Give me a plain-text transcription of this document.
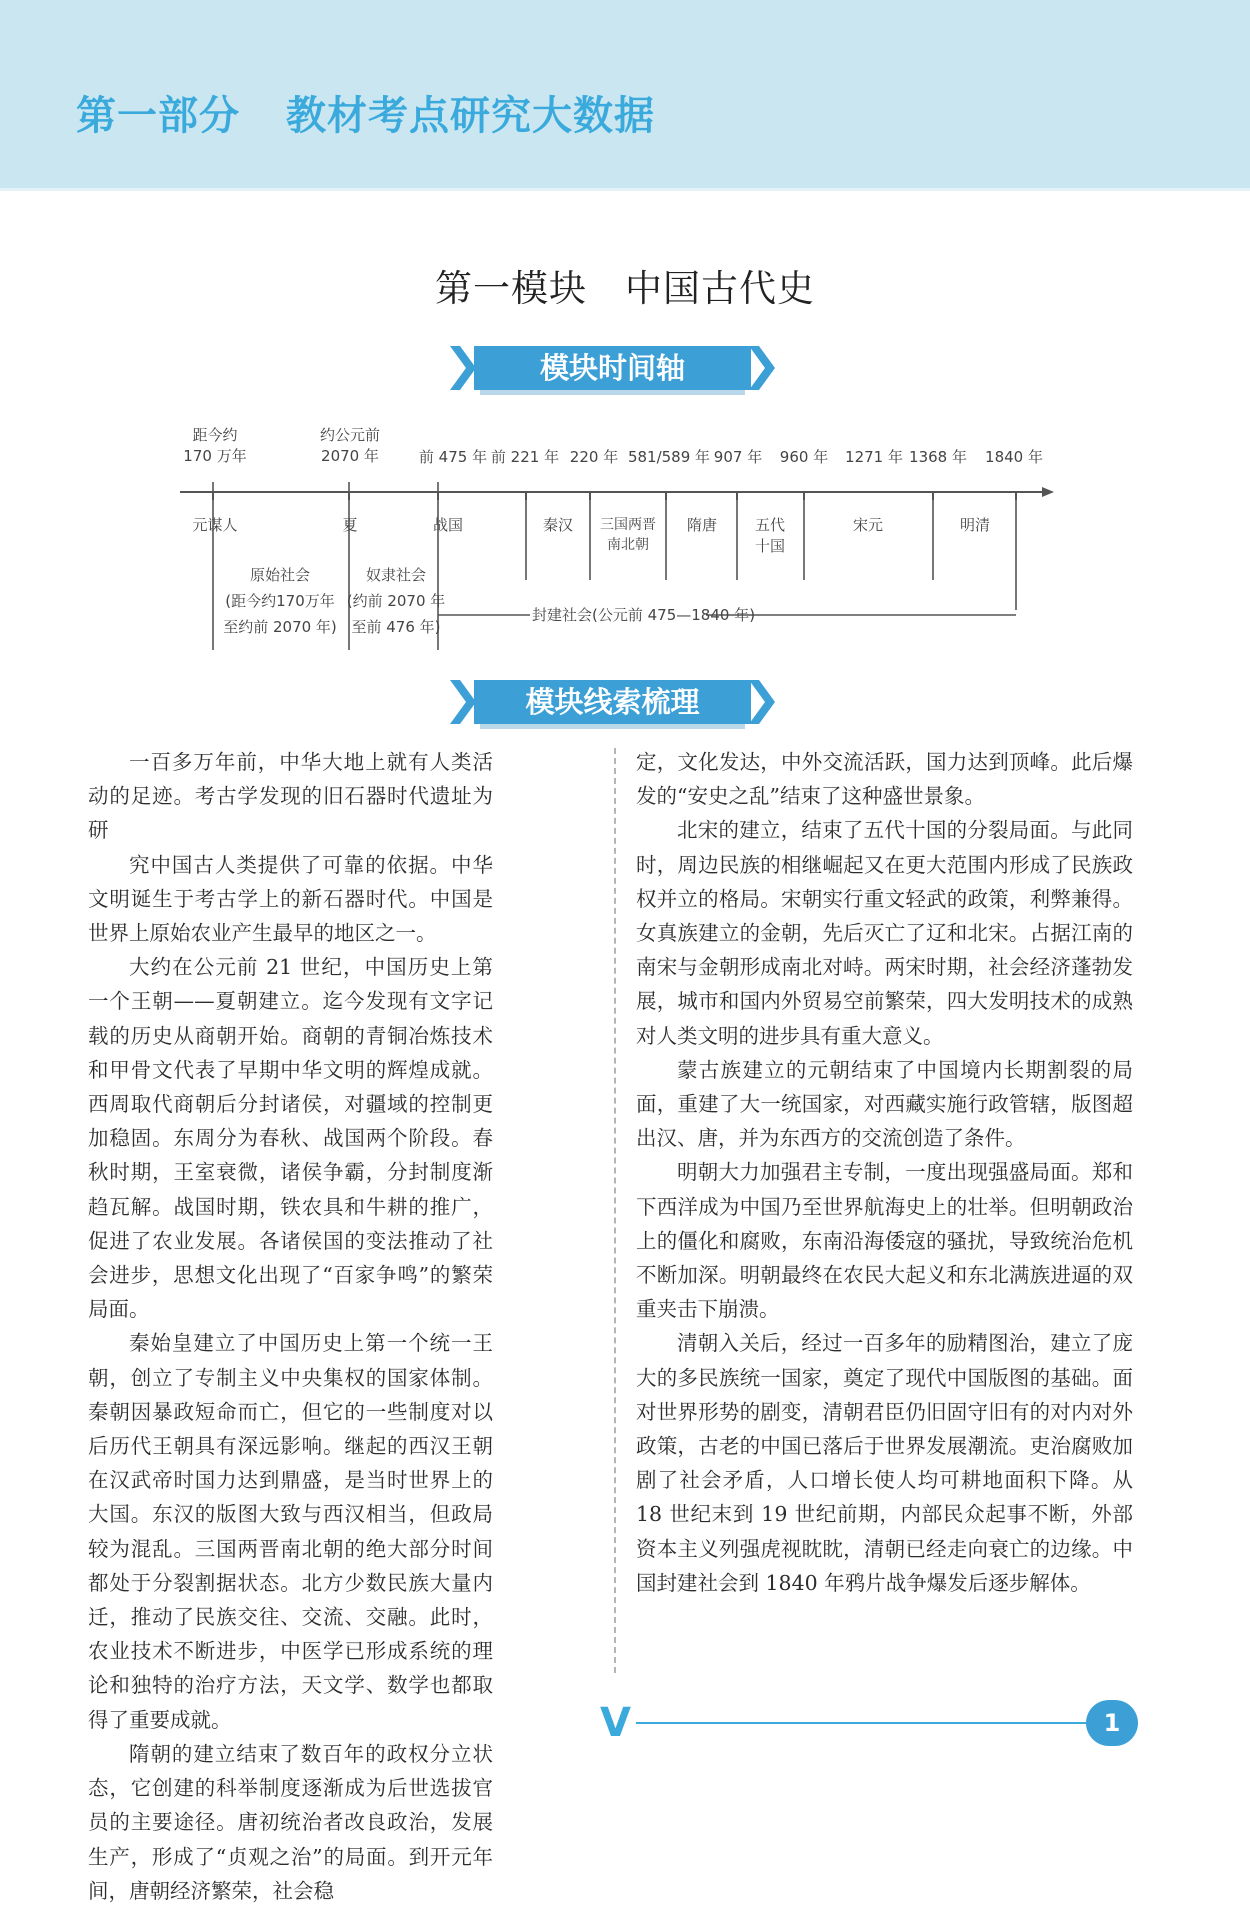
第一部分 教材考点研究大数据
第一模块　中国古代史
模块时间轴
距今约
170 万年
约公元前
2070 年	前 475 年 前 221 年 220 年 581/589 年 907 年 960 年 1271 年 1368 年 1840 年
元谋人	夏	战国	秦汉 三国两晋
南北朝
隋唐	五代
十国
宋元	明清
原始社会
(距今约170万年
至约前 2070 年)
奴隶社会
(约前 2070 年
至前 476 年)
封建社会(公元前 475—1840 年)
模块线索梳理

一百多万年前，中华大地上就有人类活动的足迹。考古学发现的旧石器时代遗址为研

究中国古人类提供了可靠的依据。中华文明诞生于考古学上的新石器时代。中国是世界上原始农业产生最早的地区之一。

大约在公元前 21 世纪，中国历史上第一个王朝——夏朝建立。迄今发现有文字记载的历史从商朝开始。商朝的青铜冶炼技术和甲骨文代表了早期中华文明的辉煌成就。西周取代商朝后分封诸侯，对疆域的控制更加稳固。东周分为春秋、战国两个阶段。春秋时期，王室衰微，诸侯争霸，分封制度渐趋瓦解。战国时期，铁农具和牛耕的推广，促进了农业发展。各诸侯国的变法推动了社会进步，思想文化出现了“百家争鸣”的繁荣局面。

秦始皇建立了中国历史上第一个统一王朝，创立了专制主义中央集权的国家体制。秦朝因暴政短命而亡，但它的一些制度对以后历代王朝具有深远影响。继起的西汉王朝在汉武帝时国力达到鼎盛，是当时世界上的大国。东汉的版图大致与西汉相当，但政局较为混乱。三国两晋南北朝的绝大部分时间都处于分裂割据状态。北方少数民族大量内迁，推动了民族交往、交流、交融。此时，农业技术不断进步，中医学已形成系统的理论和独特的治疗方法，天文学、数学也都取得了重要成就。

隋朝的建立结束了数百年的政权分立状态，它创建的科举制度逐渐成为后世选拔官员的主要途径。唐初统治者改良政治，发展生产，形成了“贞观之治”的局面。到开元年间，唐朝经济繁荣，社会稳

定，文化发达，中外交流活跃，国力达到顶峰。此后爆发的“安史之乱”结束了这种盛世景象。

北宋的建立，结束了五代十国的分裂局面。与此同时，周边民族的相继崛起又在更大范围内形成了民族政权并立的格局。宋朝实行重文轻武的政策，利弊兼得。女真族建立的金朝，先后灭亡了辽和北宋。占据江南的南宋与金朝形成南北对峙。两宋时期，社会经济蓬勃发展，城市和国内外贸易空前繁荣，四大发明技术的成熟对人类文明的进步具有重大意义。

蒙古族建立的元朝结束了中国境内长期割裂的局面，重建了大一统国家，对西藏实施行政管辖，版图超出汉、唐，并为东西方的交流创造了条件。

明朝大力加强君主专制，一度出现强盛局面。郑和下西洋成为中国乃至世界航海史上的壮举。但明朝政治上的僵化和腐败，东南沿海倭寇的骚扰，导致统治危机不断加深。明朝最终在农民大起义和东北满族进逼的双重夹击下崩溃。

清朝入关后，经过一百多年的励精图治，建立了庞大的多民族统一国家，奠定了现代中国版图的基础。面对世界形势的剧变，清朝君臣仍旧固守旧有的对内对外政策，古老的中国已落后于世界发展潮流。吏治腐败加剧了社会矛盾，人口增长使人均可耕地面积下降。从 18 世纪末到 19 世纪前期，内部民众起事不断，外部资本主义列强虎视眈眈，清朝已经走向衰亡的边缘。中国封建社会到 1840 年鸦片战争爆发后逐步解体。

V	1
